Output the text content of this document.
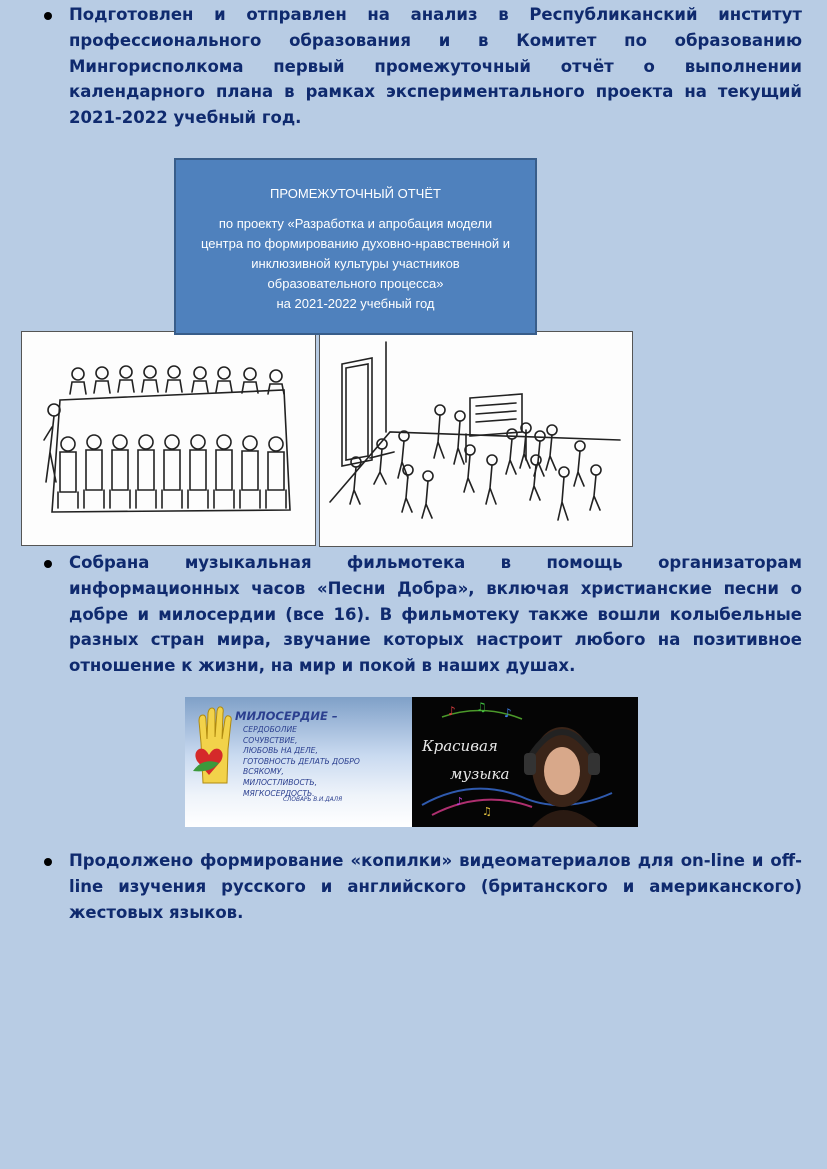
Подготовлен и отправлен на анализ в Республиканский институт профессионального образования и в Комитет по образованию Мингорисполкома первый промежуточный отчёт о выполнении календарного плана в рамках экспериментального проекта на текущий 2021-2022 учебный год.
ПРОМЕЖУТОЧНЫЙ ОТЧЁТ
по проекту «Разработка и апробация модели
центра по формированию духовно-нравственной и
инклюзивной культуры участников
образовательного процесса»
на 2021-2022 учебный год
Собрана музыкальная фильмотека в помощь организаторам информационных часов «Песни Добра», включая христианские песни о добре и милосердии (все 16). В фильмотеку также вошли колыбельные разных стран мира, звучание которых настроит любого на позитивное отношение к жизни, на мир и покой в наших душах.
МИЛОСЕРДИЕ –
СЕРДОБОЛИЕ
СОЧУВСТВИЕ,
ЛЮБОВЬ НА ДЕЛЕ,
ГОТОВНОСТЬ ДЕЛАТЬ ДОБРО
ВСЯКОМУ,
МИЛОСТЛИВОСТЬ,
МЯГКОСЕРДОСТЬ.
СЛОВАРЬ В.И.ДАЛЯ
♪ ♫ ♪
♫
♪
Красивая
музыка
Продолжено формирование «копилки» видеоматериалов для on-line и off-line изучения русского и английского (британского и американского) жестовых языков.
